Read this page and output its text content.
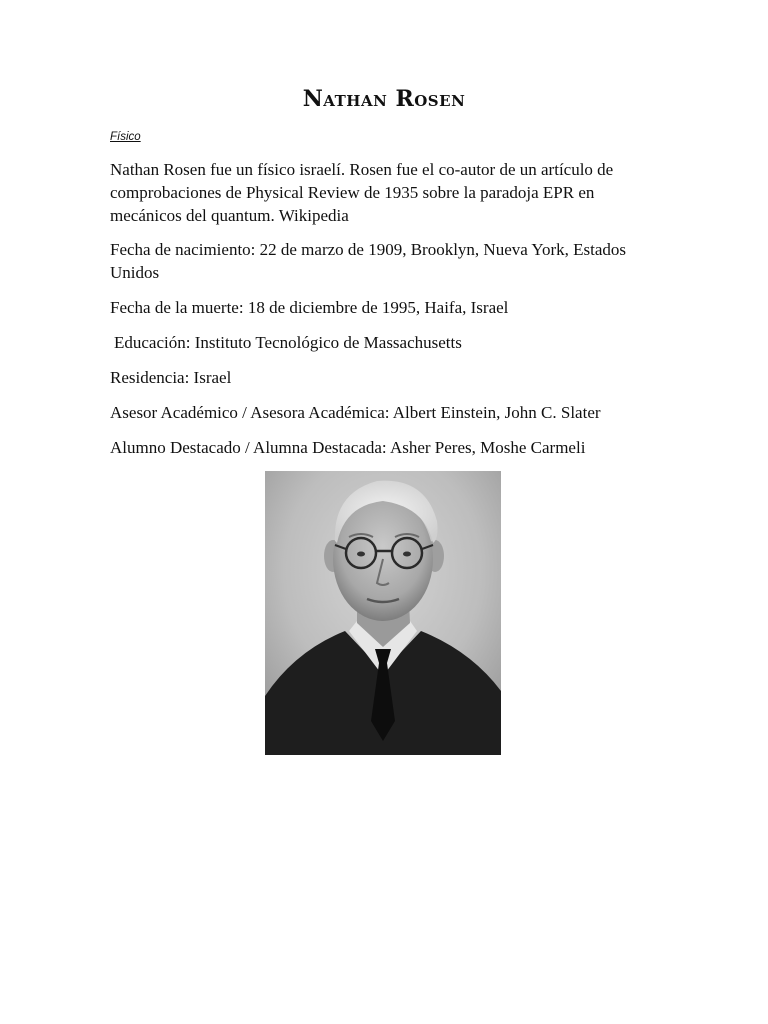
Nathan Rosen
Físico

Nathan Rosen fue un físico israelí. Rosen fue el co-autor de un artículo de comprobaciones de Physical Review de 1935 sobre la paradoja EPR en mecánicos del quantum. Wikipedia

Fecha de nacimiento: 22 de marzo de 1909, Brooklyn, Nueva York, Estados Unidos

Fecha de la muerte: 18 de diciembre de 1995, Haifa, Israel

Educación: Instituto Tecnológico de Massachusetts

Residencia: Israel

Asesor Académico / Asesora Académica: Albert Einstein, John C. Slater

Alumno Destacado / Alumna Destacada: Asher Peres, Moshe Carmeli
